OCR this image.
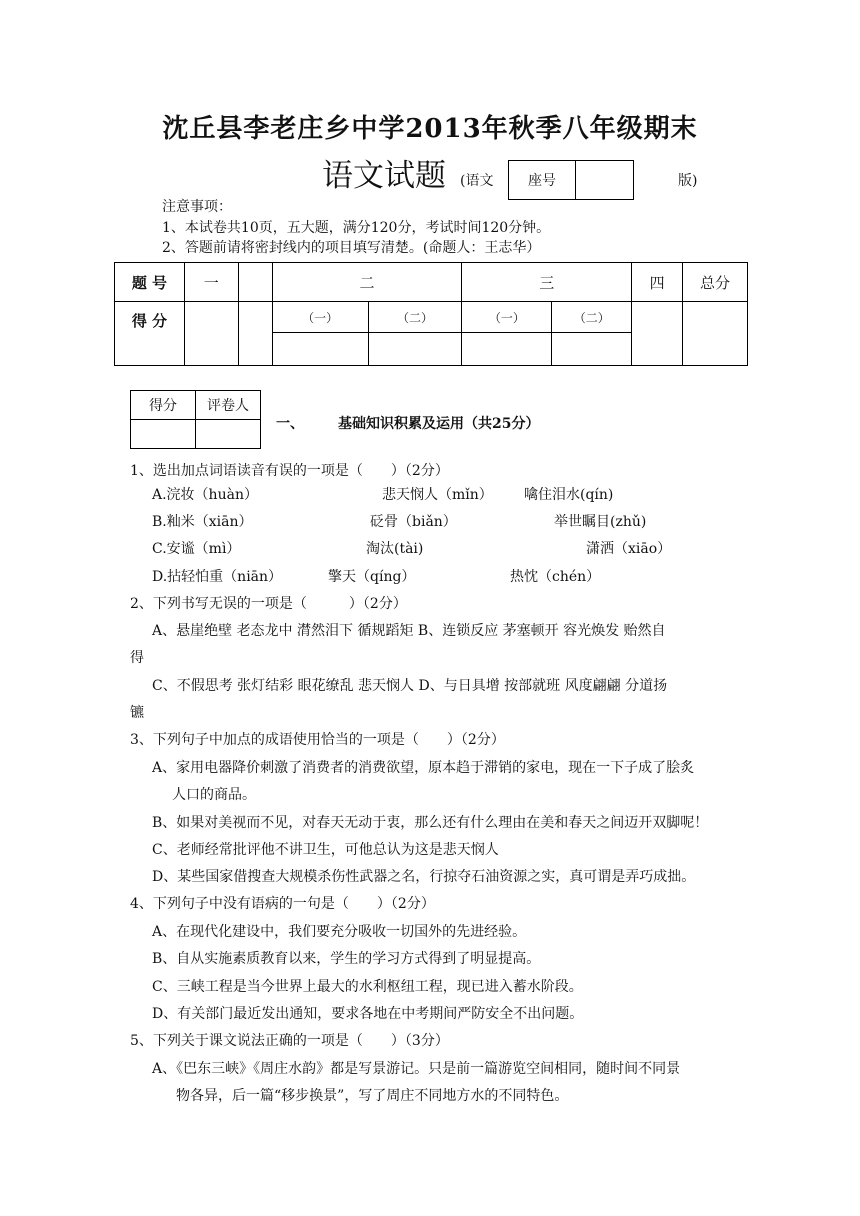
沈丘县李老庄乡中学2013年秋季八年级期末
语文试题 (语文	座号	版)
注意事项：
1、本试卷共10页，五大题，满分120分，考试时间120分钟。
2、答题前请将密封线内的项目填写清楚。(命题人：王志华）
题 号	一		二		三		四	总分
得 分			（一）	（二）	（一）	（二）		

得分	评卷人

一、 基础知识积累及运用（共25分）
1、选出加点词语读音有误的一项是（　　）（2分）
A.浣妆（huàn）	悲天悯人（mǐn） 噙住泪水(qín)
B.籼米（xiān）	砭骨（biǎn）	举世瞩目(zhǔ)
C.安谧（mì）	淘汰(tài)	潇洒（xiāo）
D.拈轻怕重（niān）	擎天（qíng）	热忱（chén）
2、下列书写无误的一项是（　　　）（2分）
A、悬崖绝壁 老态龙中 潸然泪下 循规蹈矩 B、连锁反应 茅塞顿开 容光焕发 贻然自
得
C、不假思考 张灯结彩 眼花缭乱 悲天悯人 D、与日具增 按部就班 风度翩翩 分道扬
镳
3、下列句子中加点的成语使用恰当的一项是（　　）（2分）
A、家用电器降价刺激了消费者的消费欲望，原本趋于滞销的家电，现在一下子成了脍炙
人口的商品。
B、如果对美视而不见，对春天无动于衷，那么还有什么理由在美和春天之间迈开双脚呢！
C、老师经常批评他不讲卫生，可他总认为这是悲天悯人
D、某些国家借搜查大规模杀伤性武器之名，行掠夺石油资源之实，真可谓是弄巧成拙。
4、下列句子中没有语病的一句是（　　）（2分）
A、在现代化建设中，我们要充分吸收一切国外的先进经验。
B、自从实施素质教育以来，学生的学习方式得到了明显提高。
C、三峡工程是当今世界上最大的水利枢纽工程，现已进入蓄水阶段。
D、有关部门最近发出通知，要求各地在中考期间严防安全不出问题。
5、下列关于课文说法正确的一项是（　　）（3分）
A、《巴东三峡》《周庄水韵》都是写景游记。只是前一篇游览空间相同，随时间不同景
物各异，后一篇“移步换景”，写了周庄不同地方水的不同特色。
